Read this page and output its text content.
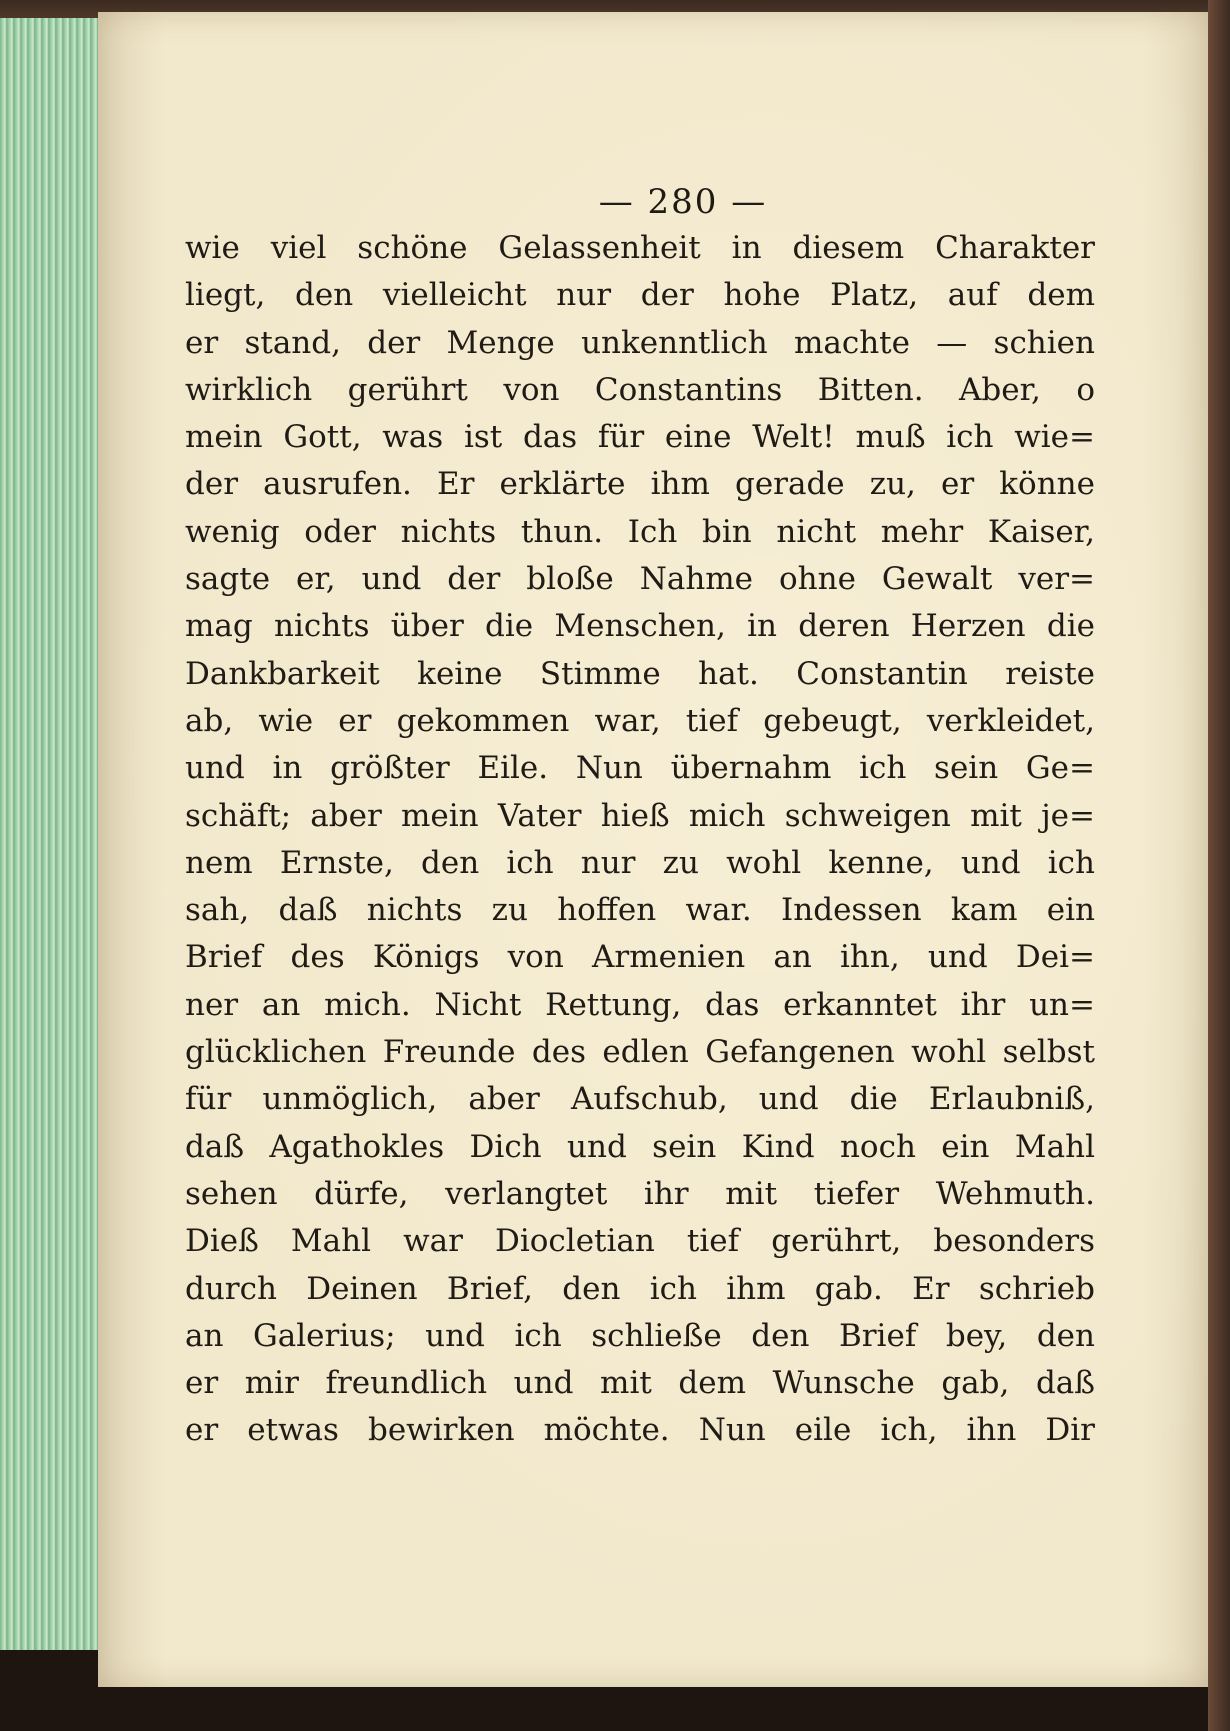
— 280 —
wie viel schöne Gelassenheit in diesem Charakter
liegt, den vielleicht nur der hohe Platz, auf dem
er stand, der Menge unkenntlich machte — schien
wirklich gerührt von Constantins Bitten. Aber, o
mein Gott, was ist das für eine Welt! muß ich wie=
der ausrufen. Er erklärte ihm gerade zu, er könne
wenig oder nichts thun. Ich bin nicht mehr Kaiser,
sagte er, und der bloße Nahme ohne Gewalt ver=
mag nichts über die Menschen, in deren Herzen die
Dankbarkeit keine Stimme hat. Constantin reiste
ab, wie er gekommen war, tief gebeugt, verkleidet,
und in größter Eile. Nun übernahm ich sein Ge=
schäft; aber mein Vater hieß mich schweigen mit je=
nem Ernste, den ich nur zu wohl kenne, und ich
sah, daß nichts zu hoffen war. Indessen kam ein
Brief des Königs von Armenien an ihn, und Dei=
ner an mich. Nicht Rettung, das erkanntet ihr un=
glücklichen Freunde des edlen Gefangenen wohl selbst
für unmöglich, aber Aufschub, und die Erlaubniß,
daß Agathokles Dich und sein Kind noch ein Mahl
sehen dürfe, verlangtet ihr mit tiefer Wehmuth.
Dieß Mahl war Diocletian tief gerührt, besonders
durch Deinen Brief, den ich ihm gab. Er schrieb
an Galerius; und ich schließe den Brief bey, den
er mir freundlich und mit dem Wunsche gab, daß
er etwas bewirken möchte. Nun eile ich, ihn Dir
